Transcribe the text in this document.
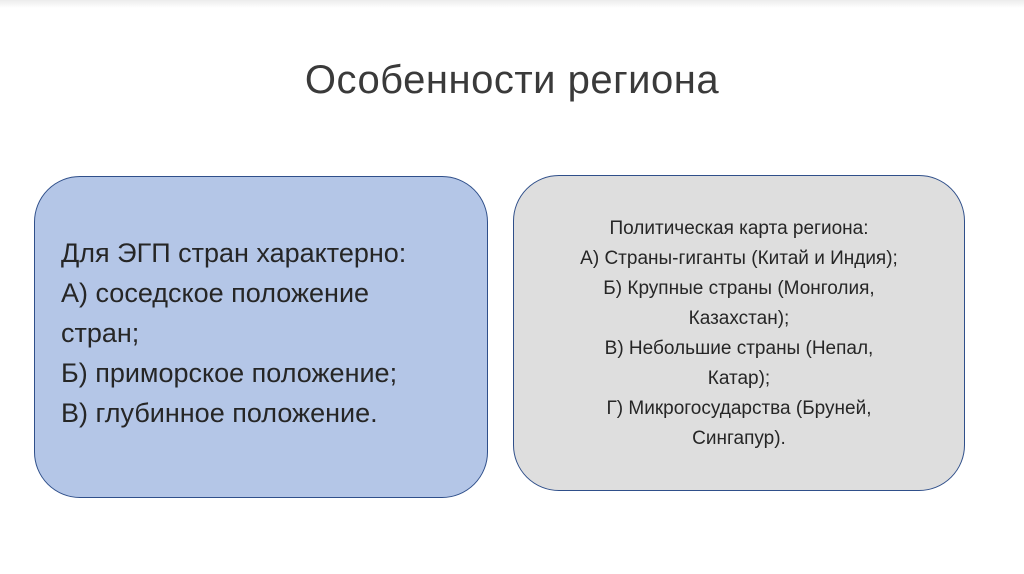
Особенности региона
Для ЭГП стран характерно:
А) соседское положение
стран;
Б) приморское положение;
В) глубинное положение.
Политическая карта региона:
А) Страны-гиганты (Китай и Индия);
Б) Крупные страны (Монголия,
Казахстан);
В) Небольшие страны (Непал,
Катар);
Г) Микрогосударства (Бруней,
Сингапур).
